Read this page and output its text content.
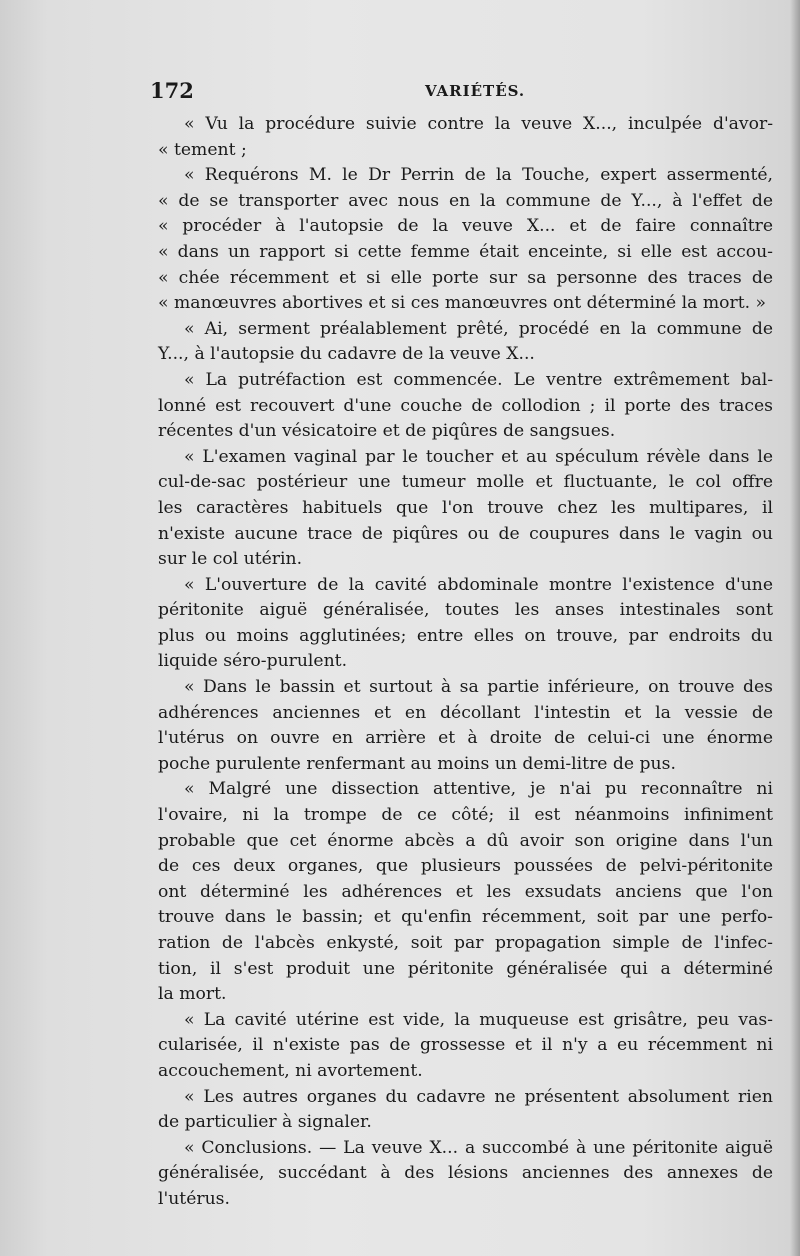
172	VARIÉTÉS.
« Vu la procédure suivie contre la veuve X..., inculpée d'avor-
« tement ;
« Requérons M. le Dr Perrin de la Touche, expert assermenté,
« de se transporter avec nous en la commune de Y..., à l'effet de
« procéder à l'autopsie de la veuve X... et de faire connaître
« dans un rapport si cette femme était enceinte, si elle est accou-
« chée récemment et si elle porte sur sa personne des traces de
« manœuvres abortives et si ces manœuvres ont déterminé la mort. »
« Ai, serment préalablement prêté, procédé en la commune de
Y..., à l'autopsie du cadavre de la veuve X...
« La putréfaction est commencée. Le ventre extrêmement bal-
lonné est recouvert d'une couche de collodion ; il porte des traces
récentes d'un vésicatoire et de piqûres de sangsues.
« L'examen vaginal par le toucher et au spéculum révèle dans le
cul-de-sac postérieur une tumeur molle et fluctuante, le col offre
les caractères habituels que l'on trouve chez les multipares, il
n'existe aucune trace de piqûres ou de coupures dans le vagin ou
sur le col utérin.
« L'ouverture de la cavité abdominale montre l'existence d'une
péritonite aiguë généralisée, toutes les anses intestinales sont
plus ou moins agglutinées; entre elles on trouve, par endroits du
liquide séro-purulent.
« Dans le bassin et surtout à sa partie inférieure, on trouve des
adhérences anciennes et en décollant l'intestin et la vessie de
l'utérus on ouvre en arrière et à droite de celui-ci une énorme
poche purulente renfermant au moins un demi-litre de pus.
« Malgré une dissection attentive, je n'ai pu reconnaître ni
l'ovaire, ni la trompe de ce côté; il est néanmoins infiniment
probable que cet énorme abcès a dû avoir son origine dans l'un
de ces deux organes, que plusieurs poussées de pelvi-péritonite
ont déterminé les adhérences et les exsudats anciens que l'on
trouve dans le bassin; et qu'enfin récemment, soit par une perfo-
ration de l'abcès enkysté, soit par propagation simple de l'infec-
tion, il s'est produit une péritonite généralisée qui a déterminé
la mort.
« La cavité utérine est vide, la muqueuse est grisâtre, peu vas-
cularisée, il n'existe pas de grossesse et il n'y a eu récemment ni
accouchement, ni avortement.
« Les autres organes du cadavre ne présentent absolument rien
de particulier à signaler.
« Conclusions. — La veuve X... a succombé à une péritonite aiguë
généralisée, succédant à des lésions anciennes des annexes de
l'utérus.
